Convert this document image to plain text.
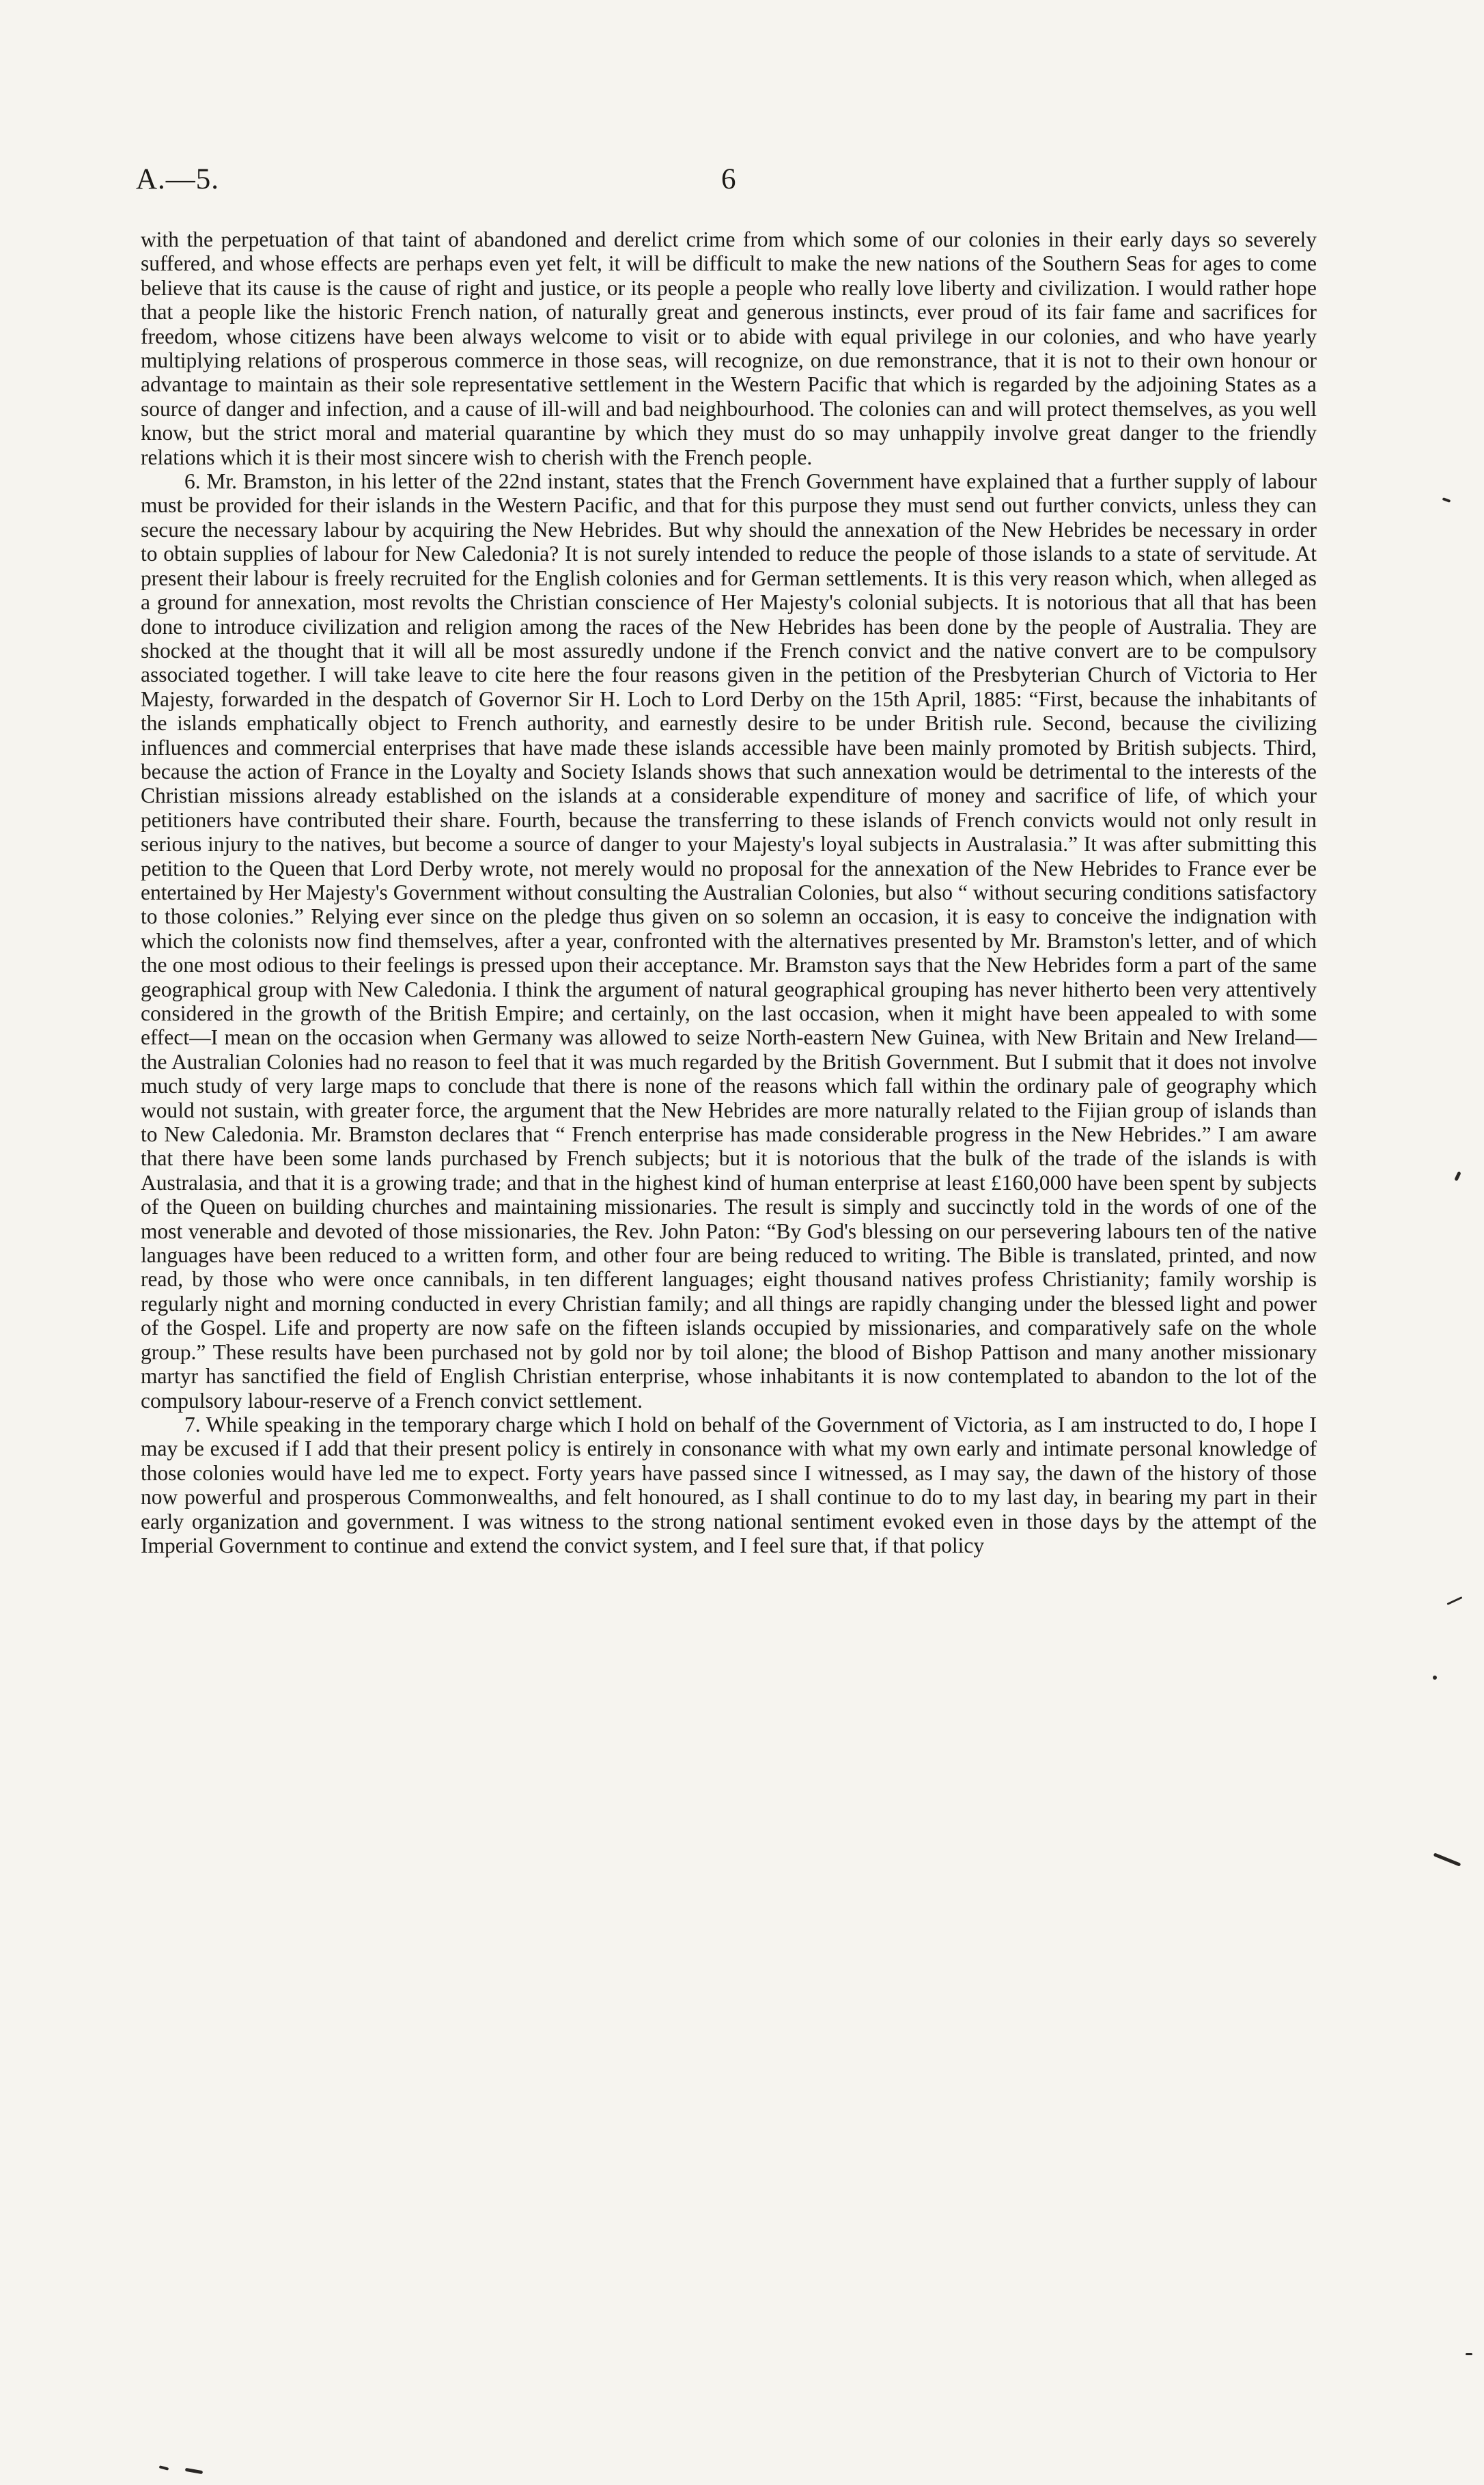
A.—5.	6

with the perpetuation of that taint of abandoned and derelict crime from which some of our colonies in their early days so severely suffered, and whose effects are perhaps even yet felt, it will be difficult to make the new nations of the Southern Seas for ages to come believe that its cause is the cause of right and justice, or its people a people who really love liberty and civilization. I would rather hope that a people like the historic French nation, of naturally great and generous instincts, ever proud of its fair fame and sacrifices for freedom, whose citizens have been always welcome to visit or to abide with equal privilege in our colonies, and who have yearly multiplying relations of prosperous commerce in those seas, will recognize, on due remonstrance, that it is not to their own honour or advantage to maintain as their sole representative settlement in the Western Pacific that which is regarded by the adjoining States as a source of danger and infection, and a cause of ill-will and bad neighbourhood. The colonies can and will protect themselves, as you well know, but the strict moral and material quarantine by which they must do so may unhappily involve great danger to the friendly relations which it is their most sincere wish to cherish with the French people.

6. Mr. Bramston, in his letter of the 22nd instant, states that the French Government have explained that a further supply of labour must be provided for their islands in the Western Pacific, and that for this purpose they must send out further convicts, unless they can secure the necessary labour by acquiring the New Hebrides. But why should the annexation of the New Hebrides be necessary in order to obtain supplies of labour for New Caledonia? It is not surely intended to reduce the people of those islands to a state of servitude. At present their labour is freely recruited for the English colonies and for German settlements. It is this very reason which, when alleged as a ground for annexation, most revolts the Christian conscience of Her Majesty's colonial subjects. It is notorious that all that has been done to introduce civilization and religion among the races of the New Hebrides has been done by the people of Australia. They are shocked at the thought that it will all be most assuredly undone if the French convict and the native convert are to be compulsory associated together. I will take leave to cite here the four reasons given in the petition of the Presbyterian Church of Victoria to Her Majesty, forwarded in the despatch of Governor Sir H. Loch to Lord Derby on the 15th April, 1885: “First, because the inhabitants of the islands emphatically object to French authority, and earnestly desire to be under British rule. Second, because the civilizing influences and commercial enterprises that have made these islands accessible have been mainly promoted by British subjects. Third, because the action of France in the Loyalty and Society Islands shows that such annexation would be detrimental to the interests of the Christian missions already established on the islands at a considerable expenditure of money and sacrifice of life, of which your petitioners have contributed their share. Fourth, because the transferring to these islands of French convicts would not only result in serious injury to the natives, but become a source of danger to your Majesty's loyal subjects in Australasia.” It was after submitting this petition to the Queen that Lord Derby wrote, not merely would no proposal for the annexation of the New Hebrides to France ever be entertained by Her Majesty's Government without consulting the Australian Colonies, but also “ without securing conditions satisfactory to those colonies.” Relying ever since on the pledge thus given on so solemn an occasion, it is easy to conceive the indignation with which the colonists now find themselves, after a year, confronted with the alternatives presented by Mr. Bramston's letter, and of which the one most odious to their feelings is pressed upon their acceptance. Mr. Bramston says that the New Hebrides form a part of the same geographical group with New Caledonia. I think the argument of natural geographical grouping has never hitherto been very attentively considered in the growth of the British Empire; and certainly, on the last occasion, when it might have been appealed to with some effect—I mean on the occasion when Germany was allowed to seize North-eastern New Guinea, with New Britain and New Ireland—the Australian Colonies had no reason to feel that it was much regarded by the British Government. But I submit that it does not involve much study of very large maps to conclude that there is none of the reasons which fall within the ordinary pale of geography which would not sustain, with greater force, the argument that the New Hebrides are more naturally related to the Fijian group of islands than to New Caledonia. Mr. Bramston declares that “ French enterprise has made considerable progress in the New Hebrides.” I am aware that there have been some lands purchased by French subjects; but it is notorious that the bulk of the trade of the islands is with Australasia, and that it is a growing trade; and that in the highest kind of human enterprise at least £160,000 have been spent by subjects of the Queen on building churches and maintaining missionaries. The result is simply and succinctly told in the words of one of the most venerable and devoted of those missionaries, the Rev. John Paton: “By God's blessing on our persevering labours ten of the native languages have been reduced to a written form, and other four are being reduced to writing. The Bible is translated, printed, and now read, by those who were once cannibals, in ten different languages; eight thousand natives profess Christianity; family worship is regularly night and morning conducted in every Christian family; and all things are rapidly changing under the blessed light and power of the Gospel. Life and property are now safe on the fifteen islands occupied by missionaries, and comparatively safe on the whole group.” These results have been purchased not by gold nor by toil alone; the blood of Bishop Pattison and many another missionary martyr has sanctified the field of English Christian enterprise, whose inhabitants it is now contemplated to abandon to the lot of the compulsory labour-reserve of a French convict settlement.

7. While speaking in the temporary charge which I hold on behalf of the Government of Victoria, as I am instructed to do, I hope I may be excused if I add that their present policy is entirely in consonance with what my own early and intimate personal knowledge of those colonies would have led me to expect. Forty years have passed since I witnessed, as I may say, the dawn of the history of those now powerful and prosperous Commonwealths, and felt honoured, as I shall continue to do to my last day, in bearing my part in their early organization and government. I was witness to the strong national sentiment evoked even in those days by the attempt of the Imperial Government to continue and extend the convict system, and I feel sure that, if that policy
